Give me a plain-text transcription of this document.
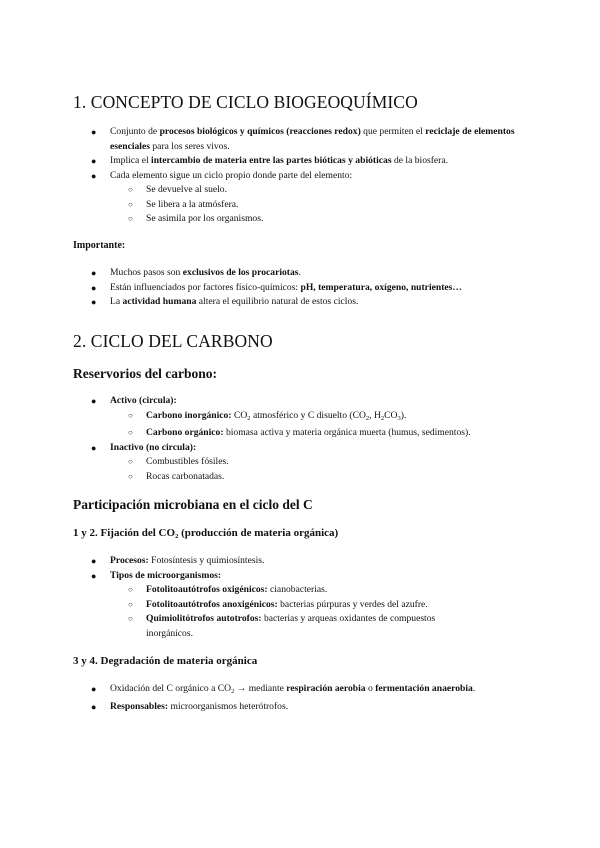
1. CONCEPTO DE CICLO BIOGEOQUÍMICO
● Conjunto de procesos biológicos y químicos (reacciones redox) que permiten el reciclaje de elementos esenciales para los seres vivos.
● Implica el intercambio de materia entre las partes bióticas y abióticas de la biosfera.
● Cada elemento sigue un ciclo propio donde parte del elemento:
○ Se devuelve al suelo.
○ Se libera a la atmósfera.
○ Se asimila por los organismos.
Importante:
● Muchos pasos son exclusivos de los procariotas.
● Están influenciados por factores físico-químicos: pH, temperatura, oxígeno, nutrientes…
● La actividad humana altera el equilibrio natural de estos ciclos.
2. CICLO DEL CARBONO
Reservorios del carbono:
● Activo (circula):
○ Carbono inorgánico: $CO_2$ atmosférico y C disuelto ($CO_2$, $H_2CO_3$).
○ Carbono orgánico: biomasa activa y materia orgánica muerta (humus, sedimentos).
● Inactivo (no circula):
○ Combustibles fósiles.
○ Rocas carbonatadas.
Participación microbiana en el ciclo del C
1 y 2. Fijación del $CO_2$ (producción de materia orgánica)
● Procesos: Fotosíntesis y quimiosíntesis.
● Tipos de microorganismos:
○ Fotolitoautótrofos oxigénicos: cianobacterias.
○ Fotolitoautótrofos anoxigénicos: bacterias púrpuras y verdes del azufre.
○ Quimiolitótrofos autotrofos: bacterias y arqueas oxidantes de compuestos inorgánicos.
3 y 4. Degradación de materia orgánica
● Oxidación del C orgánico a $CO_2$ → mediante respiración aerobia o fermentación anaerobia.
● Responsables: microorganismos heterótrofos.
